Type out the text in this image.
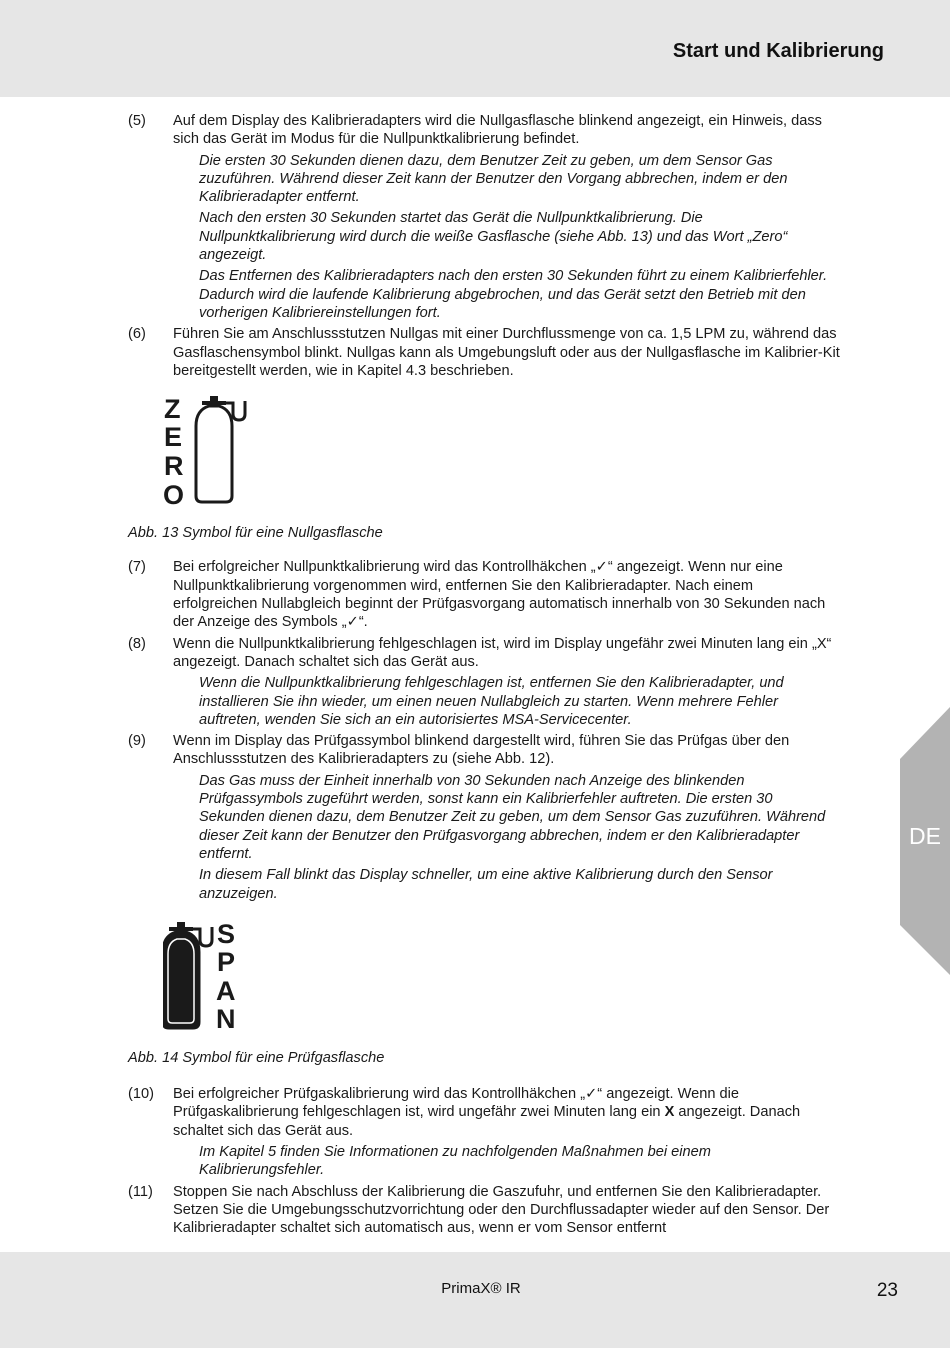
Start und Kalibrierung
DE
(5) Auf dem Display des Kalibrieradapters wird die Nullgasflasche blinkend angezeigt, ein Hinweis, dass sich das Gerät im Modus für die Nullpunktkalibrierung befindet.
Die ersten 30 Sekunden dienen dazu, dem Benutzer Zeit zu geben, um dem Sensor Gas zuzuführen. Während dieser Zeit kann der Benutzer den Vorgang abbrechen, indem er den Kalibrieradapter entfernt.
Nach den ersten 30 Sekunden startet das Gerät die Nullpunktkalibrierung. Die Nullpunktkalibrierung wird durch die weiße Gasflasche (siehe Abb. 13) und das Wort „Zero“ angezeigt.
Das Entfernen des Kalibrieradapters nach den ersten 30 Sekunden führt zu einem Kalibrierfehler. Dadurch wird die laufende Kalibrierung abgebrochen, und das Gerät setzt den Betrieb mit den vorherigen Kalibriereinstellungen fort.
(6) Führen Sie am Anschlussstutzen Nullgas mit einer Durchflussmenge von ca. 1,5 LPM zu, während das Gasflaschensymbol blinkt. Nullgas kann als Umgebungsluft oder aus der Nullgasflasche im Kalibrier-Kit bereitgestellt werden, wie in Kapitel 4.3 beschrieben.
Z
E
R
O
Abb. 13 Symbol für eine Nullgasflasche
(7) Bei erfolgreicher Nullpunktkalibrierung wird das Kontrollhäkchen „✓“ angezeigt. Wenn nur eine Nullpunktkalibrierung vorgenommen wird, entfernen Sie den Kalibrieradapter. Nach einem erfolgreichen Nullabgleich beginnt der Prüfgasvorgang automatisch innerhalb von 30 Sekunden nach der Anzeige des Symbols „✓“.
(8) Wenn die Nullpunktkalibrierung fehlgeschlagen ist, wird im Display ungefähr zwei Minuten lang ein „X“ angezeigt. Danach schaltet sich das Gerät aus.
Wenn die Nullpunktkalibrierung fehlgeschlagen ist, entfernen Sie den Kalibrieradapter, und installieren Sie ihn wieder, um einen neuen Nullabgleich zu starten. Wenn mehrere Fehler auftreten, wenden Sie sich an ein autorisiertes MSA-Servicecenter.
(9) Wenn im Display das Prüfgassymbol blinkend dargestellt wird, führen Sie das Prüfgas über den Anschlussstutzen des Kalibrieradapters zu (siehe Abb. 12).
Das Gas muss der Einheit innerhalb von 30 Sekunden nach Anzeige des blinkenden Prüfgassymbols zugeführt werden, sonst kann ein Kalibrierfehler auftreten. Die ersten 30 Sekunden dienen dazu, dem Benutzer Zeit zu geben, um dem Sensor Gas zuzuführen. Während dieser Zeit kann der Benutzer den Prüfgasvorgang abbrechen, indem er den Kalibrieradapter entfernt.
In diesem Fall blinkt das Display schneller, um eine aktive Kalibrierung durch den Sensor anzuzeigen.
S
P
A
N
Abb. 14 Symbol für eine Prüfgasflasche
(10) Bei erfolgreicher Prüfgaskalibrierung wird das Kontrollhäkchen „✓“ angezeigt. Wenn die Prüfgaskalibrierung fehlgeschlagen ist, wird ungefähr zwei Minuten lang ein X angezeigt. Danach schaltet sich das Gerät aus.
Im Kapitel 5 finden Sie Informationen zu nachfolgenden Maßnahmen bei einem Kalibrierungsfehler.
(11) Stoppen Sie nach Abschluss der Kalibrierung die Gaszufuhr, und entfernen Sie den Kalibrieradapter. Setzen Sie die Umgebungsschutzvorrichtung oder den Durchflussadapter wieder auf den Sensor. Der Kalibrieradapter schaltet sich automatisch aus, wenn er vom Sensor entfernt
PrimaX® IR	23
